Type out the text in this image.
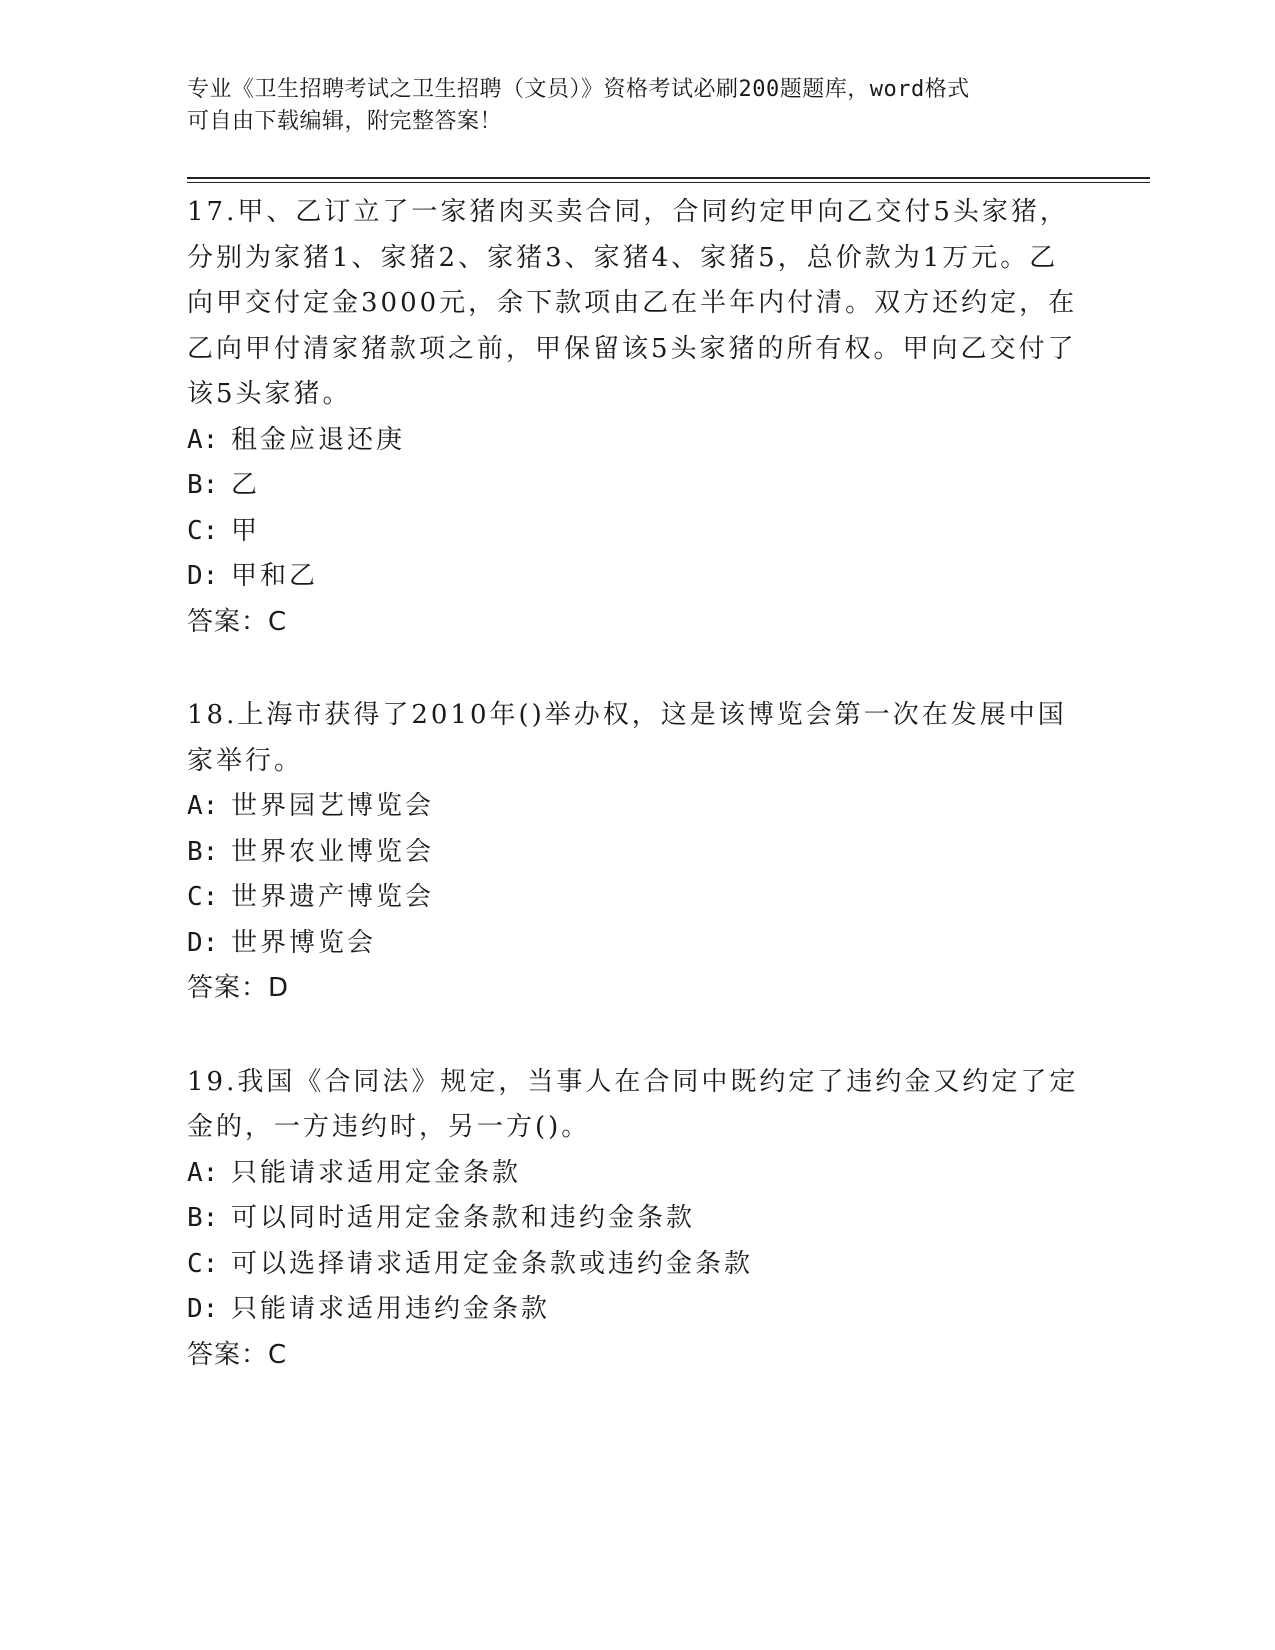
专业《卫生招聘考试之卫生招聘（文员）》资格考试必刷200题题库，word格式
可自由下载编辑，附完整答案！
17.甲、乙订立了一家猪肉买卖合同，合同约定甲向乙交付5头家猪，分别为家猪1、家猪2、家猪3、家猪4、家猪5，总价款为1万元。乙向甲交付定金3000元，余下款项由乙在半年内付清。双方还约定，在乙向甲付清家猪款项之前，甲保留该5头家猪的所有权。甲向乙交付了该5头家猪。
A: 租金应退还庚
B: 乙
C: 甲
D: 甲和乙
答案：C
18.上海市获得了2010年()举办权，这是该博览会第一次在发展中国家举行。
A: 世界园艺博览会
B: 世界农业博览会
C: 世界遗产博览会
D: 世界博览会
答案：D
19.我国《合同法》规定，当事人在合同中既约定了违约金又约定了定金的，一方违约时，另一方()。
A: 只能请求适用定金条款
B: 可以同时适用定金条款和违约金条款
C: 可以选择请求适用定金条款或违约金条款
D: 只能请求适用违约金条款
答案：C
